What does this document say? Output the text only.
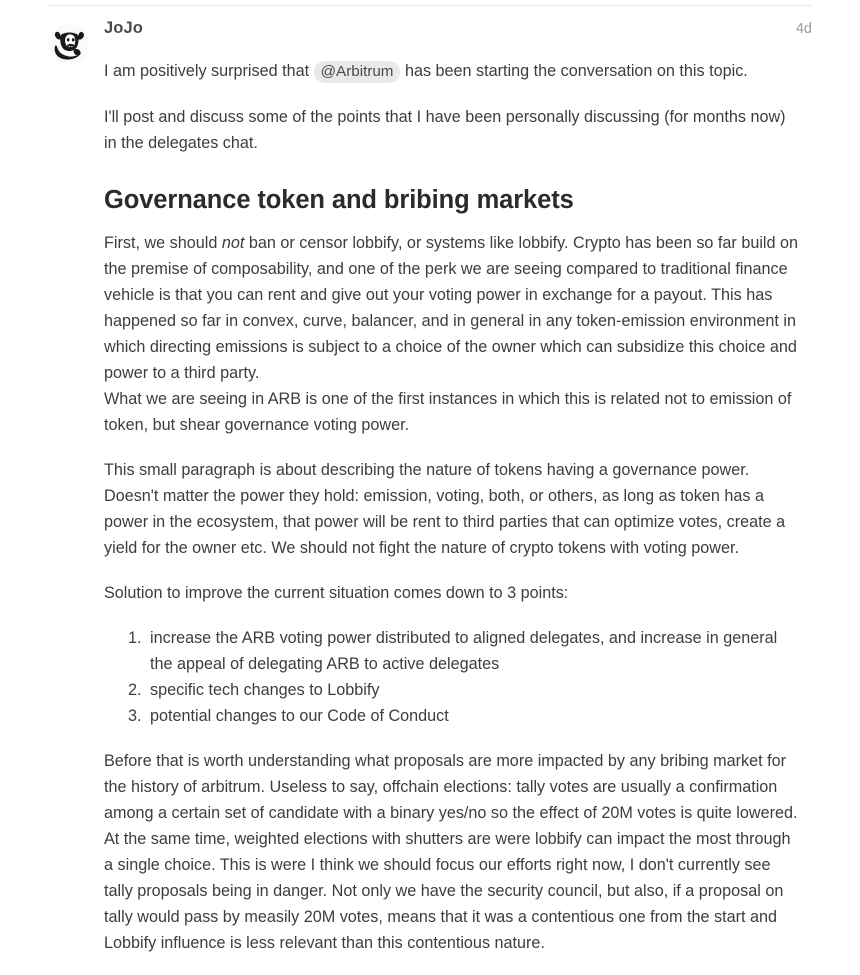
JoJo	4d

I am positively surprised that @Arbitrum has been starting the conversation on this topic.

I'll post and discuss some of the points that I have been personally discussing (for months now) in the delegates chat.

Governance token and bribing markets

First, we should not ban or censor lobbify, or systems like lobbify. Crypto has been so far build on the premise of composability, and one of the perk we are seeing compared to traditional finance vehicle is that you can rent and give out your voting power in exchange for a payout. This has happened so far in convex, curve, balancer, and in general in any token-emission environment in which directing emissions is subject to a choice of the owner which can subsidize this choice and power to a third party.
What we are seeing in ARB is one of the first instances in which this is related not to emission of token, but shear governance voting power.

This small paragraph is about describing the nature of tokens having a governance power. Doesn't matter the power they hold: emission, voting, both, or others, as long as token has a power in the ecosystem, that power will be rent to third parties that can optimize votes, create a yield for the owner etc. We should not fight the nature of crypto tokens with voting power.

Solution to improve the current situation comes down to 3 points:

1. increase the ARB voting power distributed to aligned delegates, and increase in general the appeal of delegating ARB to active delegates
2. specific tech changes to Lobbify
3. potential changes to our Code of Conduct

Before that is worth understanding what proposals are more impacted by any bribing market for the history of arbitrum. Useless to say, offchain elections: tally votes are usually a confirmation among a certain set of candidate with a binary yes/no so the effect of 20M votes is quite lowered. At the same time, weighted elections with shutters are were lobbify can impact the most through a single choice. This is were I think we should focus our efforts right now, I don't currently see tally proposals being in danger. Not only we have the security council, but also, if a proposal on tally would pass by measily 20M votes, means that it was a contentious one from the start and Lobbify influence is less relevant than this contentious nature.
